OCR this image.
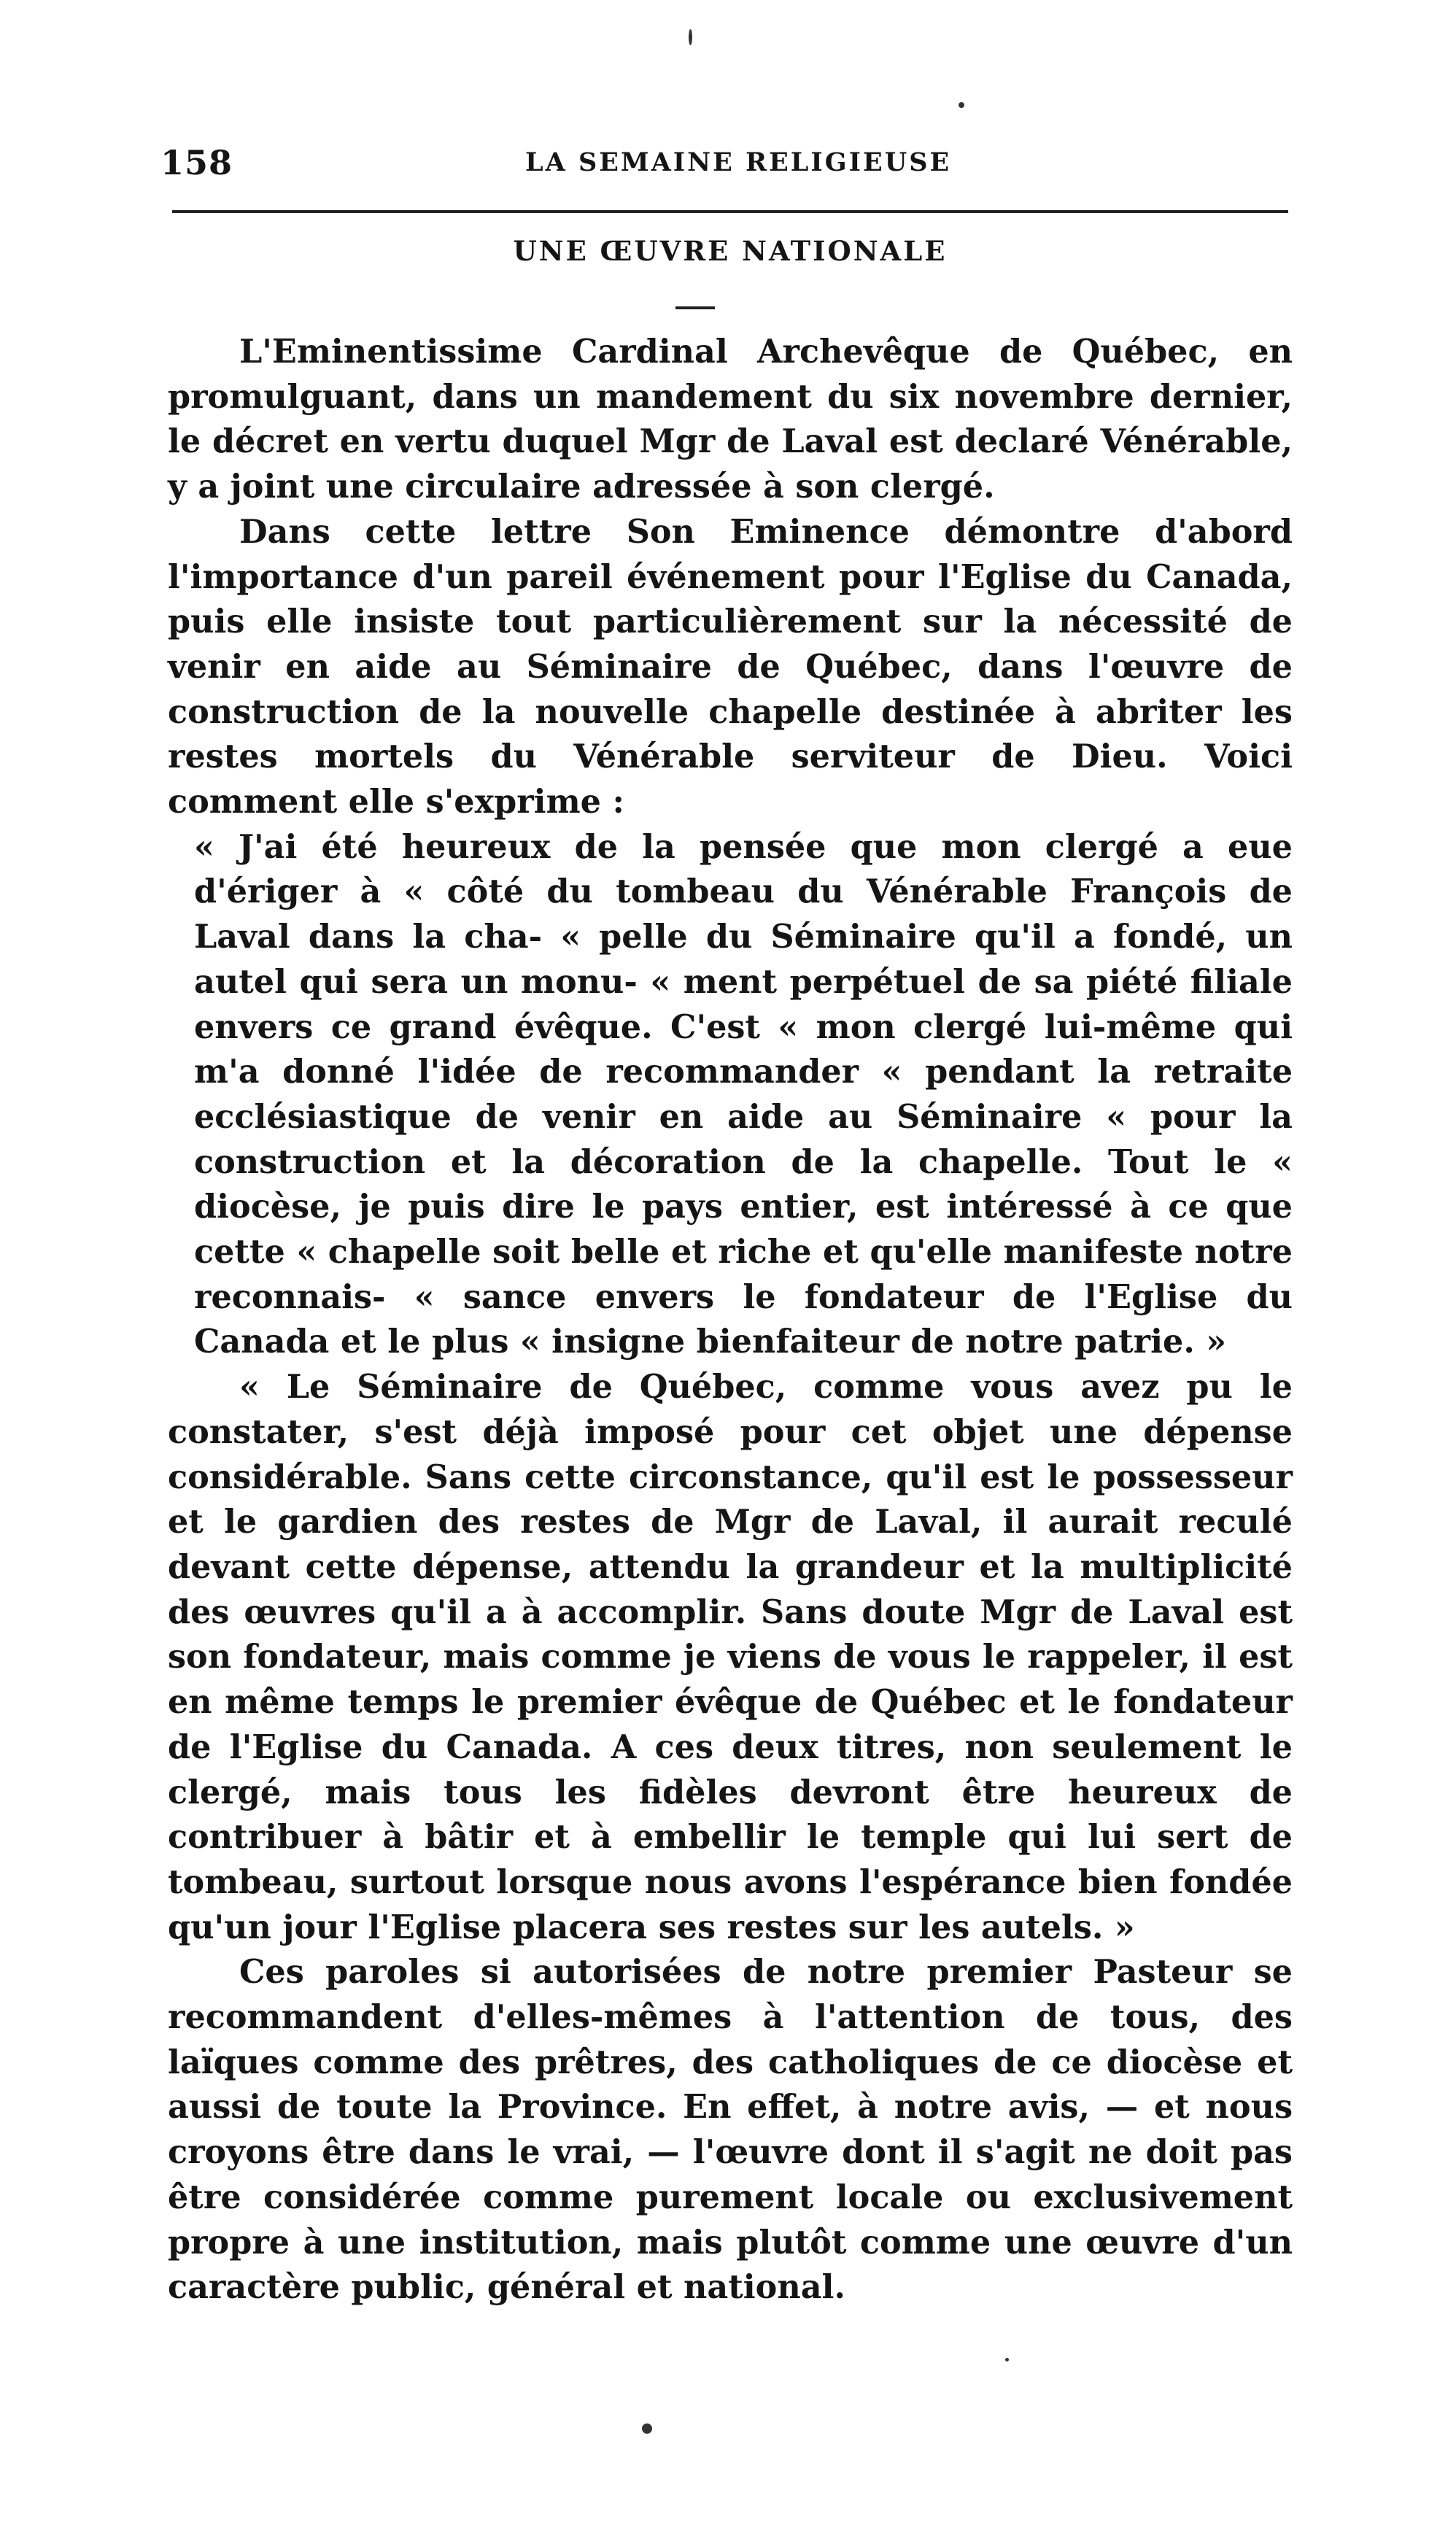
158	LA SEMAINE RELIGIEUSE
UNE ŒUVRE NATIONALE

L'Eminentissime Cardinal Archevêque de Québec, en promulguant, dans un mandement du six novembre dernier, le décret en vertu duquel Mgr de Laval est declaré Vénérable, y a joint une circulaire adressée à son clergé.

Dans cette lettre Son Eminence démontre d'abord l'importance d'un pareil événement pour l'Eglise du Canada, puis elle insiste tout particulièrement sur la nécessité de venir en aide au Séminaire de Québec, dans l'œuvre de construction de la nouvelle chapelle destinée à abriter les restes mortels du Vénérable serviteur de Dieu. Voici comment elle s'exprime :

« J'ai été heureux de la pensée que mon clergé a eue d'ériger à « côté du tombeau du Vénérable François de Laval dans la cha- « pelle du Séminaire qu'il a fondé, un autel qui sera un monu- « ment perpétuel de sa piété filiale envers ce grand évêque. C'est « mon clergé lui-même qui m'a donné l'idée de recommander « pendant la retraite ecclésiastique de venir en aide au Séminaire « pour la construction et la décoration de la chapelle. Tout le « diocèse, je puis dire le pays entier, est intéressé à ce que cette « chapelle soit belle et riche et qu'elle manifeste notre reconnais- « sance envers le fondateur de l'Eglise du Canada et le plus « insigne bienfaiteur de notre patrie. »

« Le Séminaire de Québec, comme vous avez pu le constater, s'est déjà imposé pour cet objet une dépense considérable. Sans cette circonstance, qu'il est le possesseur et le gardien des restes de Mgr de Laval, il aurait reculé devant cette dépense, attendu la grandeur et la multiplicité des œuvres qu'il a à accomplir. Sans doute Mgr de Laval est son fondateur, mais comme je viens de vous le rappeler, il est en même temps le premier évêque de Québec et le fondateur de l'Eglise du Canada. A ces deux titres, non seulement le clergé, mais tous les fidèles devront être heureux de contribuer à bâtir et à embellir le temple qui lui sert de tombeau, surtout lorsque nous avons l'espérance bien fondée qu'un jour l'Eglise placera ses restes sur les autels. »

Ces paroles si autorisées de notre premier Pasteur se recommandent d'elles-mêmes à l'attention de tous, des laïques comme des prêtres, des catholiques de ce diocèse et aussi de toute la Province. En effet, à notre avis, — et nous croyons être dans le vrai, — l'œuvre dont il s'agit ne doit pas être considérée comme purement locale ou exclusivement propre à une institution, mais plutôt comme une œuvre d'un caractère public, général et national.
